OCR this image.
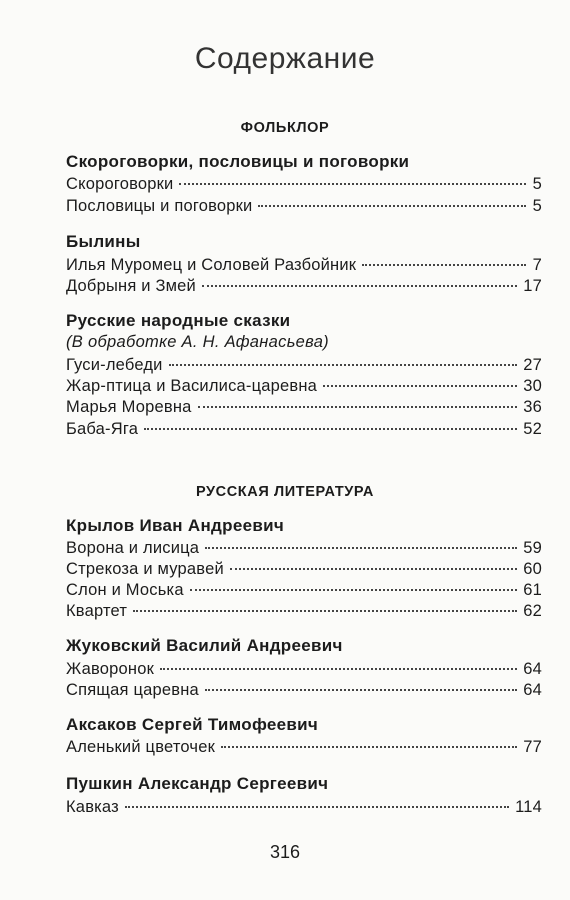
Содержание
ФОЛЬКЛОР
Скороговорки, пословицы и поговорки
Скороговорки	5
Пословицы и поговорки	5
Былины
Илья Муромец и Соловей Разбойник	7
Добрыня и Змей	17
Русские народные сказки
(В обработке А. Н. Афанасьева)
Гуси-лебеди	27
Жар-птица и Василиса-царевна	30
Марья Моревна	36
Баба-Яга	52
РУССКАЯ ЛИТЕРАТУРА
Крылов Иван Андреевич
Ворона и лисица	59
Стрекоза и муравей	60
Слон и Моська	61
Квартет	62
Жуковский Василий Андреевич
Жаворонок	64
Спящая царевна	64
Аксаков Сергей Тимофеевич
Аленький цветочек	77
Пушкин Александр Сергеевич
Кавказ	114
316
